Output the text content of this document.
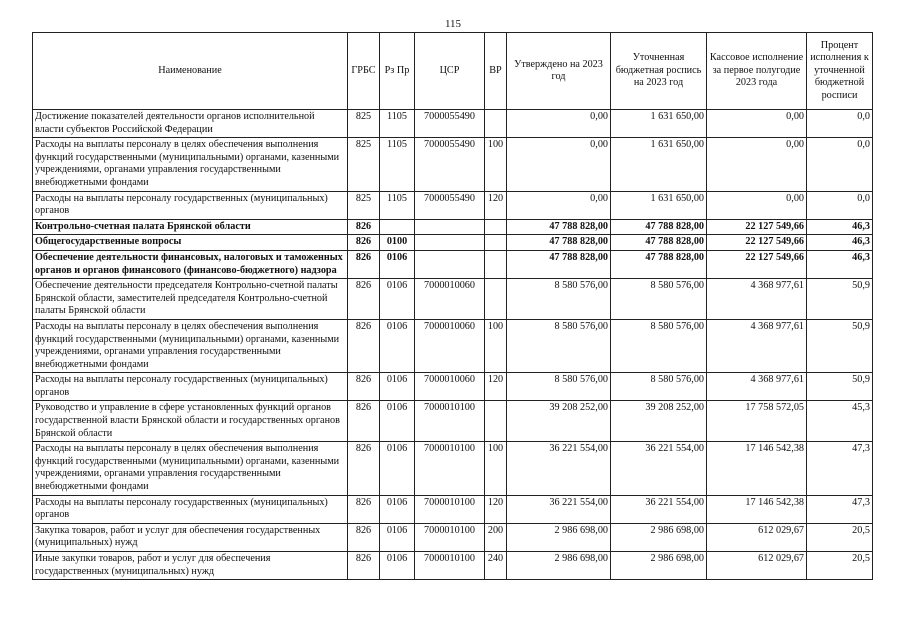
115
Наименование	ГРБС	Рз Пр	ЦСР	ВР	Утверждено на 2023 год	Уточненная бюджетная роспись на 2023 год	Кассовое исполнение за первое полугодие 2023 года	Процент исполнения к уточненной бюджетной росписи
Достижение показателей деятельности органов исполнительной власти субъектов Российской Федерации	825	1105	7000055490		0,00	1 631 650,00	0,00	0,0
Расходы на выплаты персоналу в целях обеспечения выполнения функций государственными (муниципальными) органами, казенными учреждениями, органами управления государственными внебюджетными фондами	825	1105	7000055490	100	0,00	1 631 650,00	0,00	0,0
Расходы на выплаты персоналу государственных (муниципальных) органов	825	1105	7000055490	120	0,00	1 631 650,00	0,00	0,0
Контрольно-счетная палата Брянской области	826				47 788 828,00	47 788 828,00	22 127 549,66	46,3
Общегосударственные вопросы	826	0100			47 788 828,00	47 788 828,00	22 127 549,66	46,3
Обеспечение деятельности финансовых, налоговых и таможенных органов и органов финансового (финансово-бюджетного) надзора	826	0106			47 788 828,00	47 788 828,00	22 127 549,66	46,3
Обеспечение деятельности председателя Контрольно-счетной палаты Брянской области, заместителей председателя Контрольно-счетной палаты Брянской области	826	0106	7000010060		8 580 576,00	8 580 576,00	4 368 977,61	50,9
Расходы на выплаты персоналу в целях обеспечения выполнения функций государственными (муниципальными) органами, казенными учреждениями, органами управления государственными внебюджетными фондами	826	0106	7000010060	100	8 580 576,00	8 580 576,00	4 368 977,61	50,9
Расходы на выплаты персоналу государственных (муниципальных) органов	826	0106	7000010060	120	8 580 576,00	8 580 576,00	4 368 977,61	50,9
Руководство и управление в сфере установленных функций органов государственной власти Брянской области и государственных органов Брянской области	826	0106	7000010100		39 208 252,00	39 208 252,00	17 758 572,05	45,3
Расходы на выплаты персоналу в целях обеспечения выполнения функций государственными (муниципальными) органами, казенными учреждениями, органами управления государственными внебюджетными фондами	826	0106	7000010100	100	36 221 554,00	36 221 554,00	17 146 542,38	47,3
Расходы на выплаты персоналу государственных (муниципальных) органов	826	0106	7000010100	120	36 221 554,00	36 221 554,00	17 146 542,38	47,3
Закупка товаров, работ и услуг для обеспечения государственных (муниципальных) нужд	826	0106	7000010100	200	2 986 698,00	2 986 698,00	612 029,67	20,5
Иные закупки товаров, работ и услуг для обеспечения государственных (муниципальных) нужд	826	0106	7000010100	240	2 986 698,00	2 986 698,00	612 029,67	20,5
